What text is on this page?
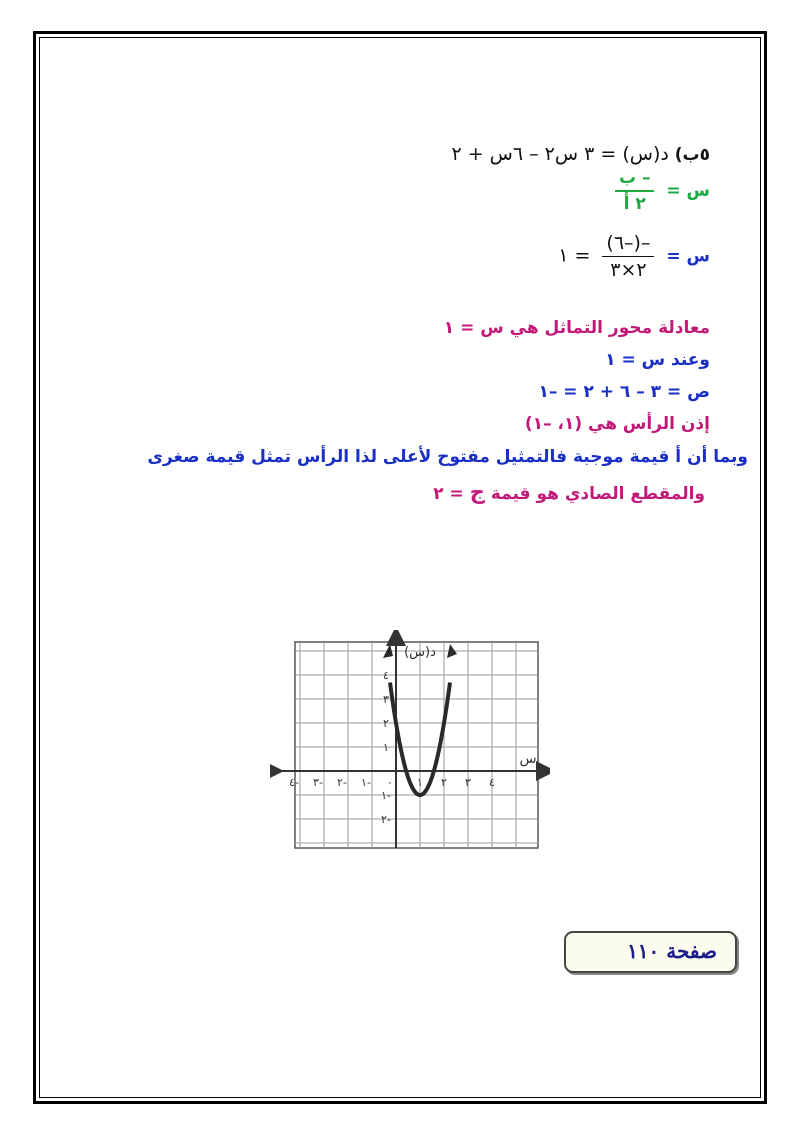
٥ب) د(س) = ٣ س٢ – ٦س + ٢
س =
$\frac{\text{– ب}}{\text{٢ أ}}$
س =
$\frac{-(-٦)}{٢\times ٣}$
= ١
معادلة محور التماثل هي س = ١
وعند س = ١
ص = ٣ – ٦ + ٢ = –١
إذن الرأس هي (١، –١)
وبما أن أ قيمة موجبة فالتمثيل مفتوح لأعلى لذا الرأس تمثل قيمة صغرى
والمقطع الصادي هو قيمة ج = ٢
٤- ٣- ٢- ١- ٠ ١ ٢ ٣ ٤
١-
٢-
١
٢
٣
٤
د(س)
س
صفحة ١١٠
